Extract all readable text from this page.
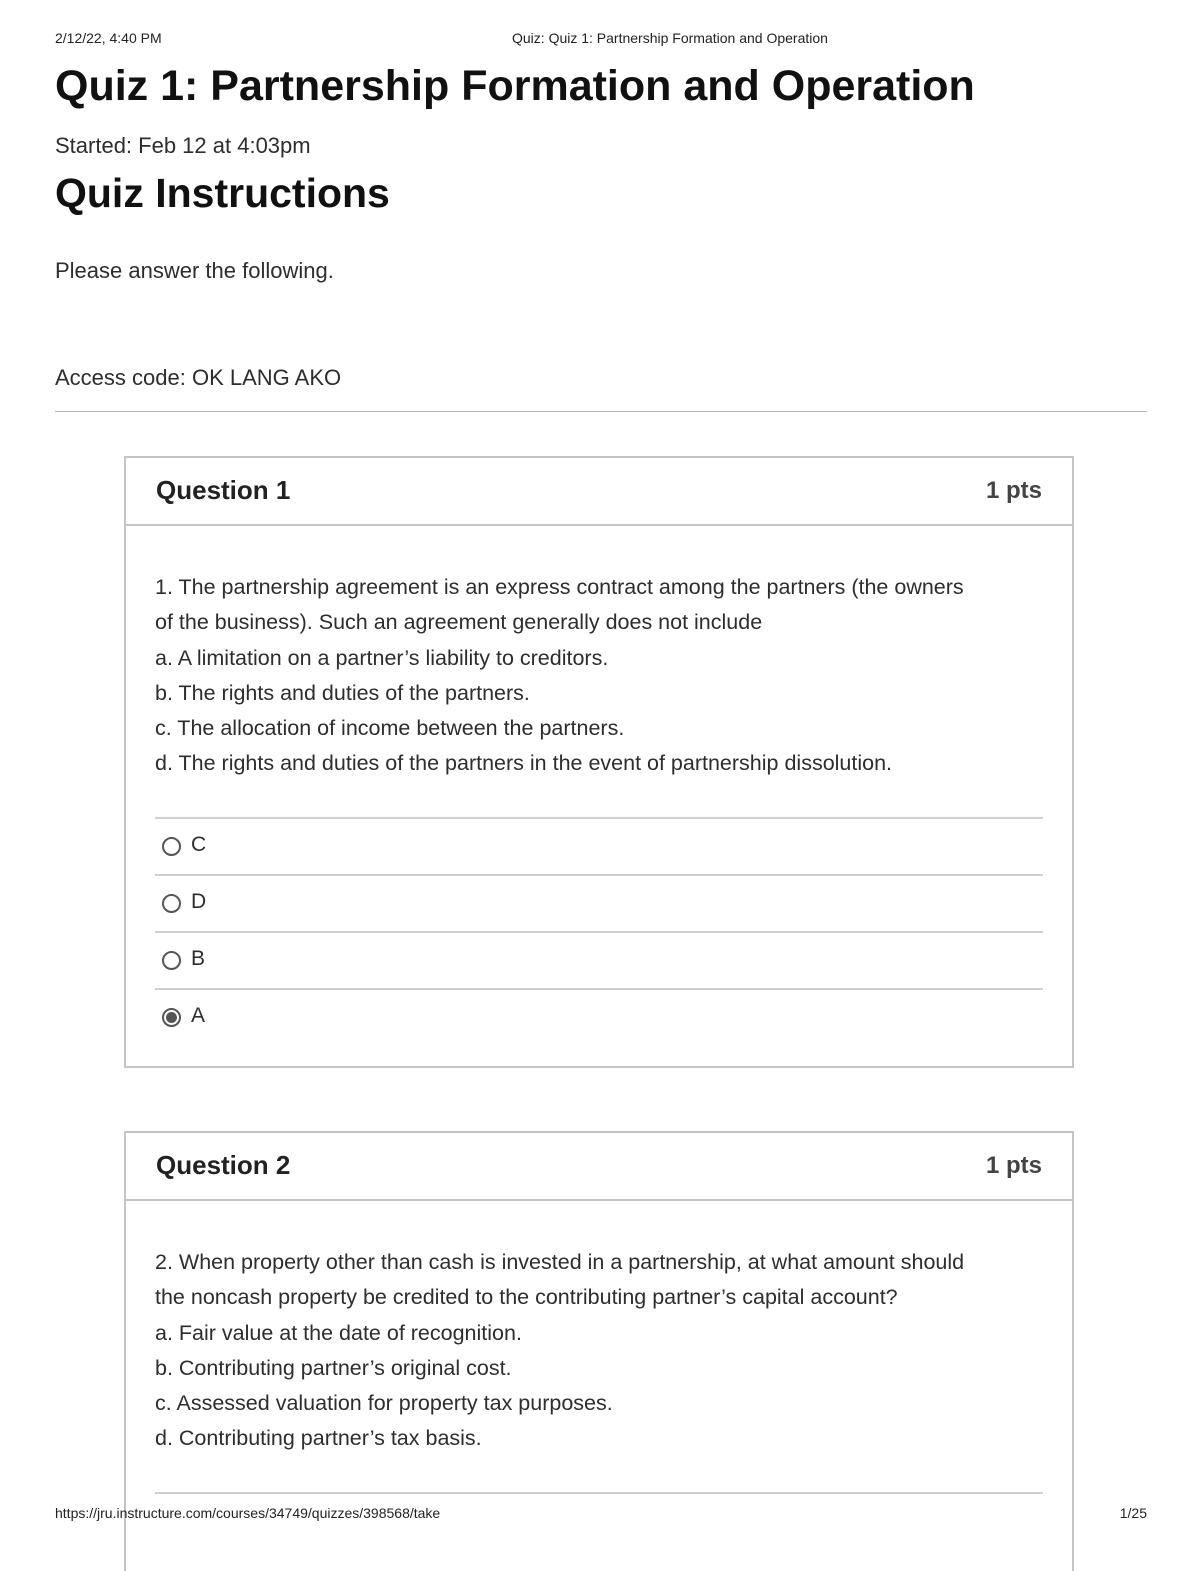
2/12/22, 4:40 PM	Quiz: Quiz 1: Partnership Formation and Operation
Quiz 1: Partnership Formation and Operation
Started: Feb 12 at 4:03pm
Quiz Instructions
Please answer the following.
Access code: OK LANG AKO
Question 1	1 pts
1. The partnership agreement is an express contract among the partners (the owners
of the business). Such an agreement generally does not include
a. A limitation on a partner’s liability to creditors.
b. The rights and duties of the partners.
c. The allocation of income between the partners.
d. The rights and duties of the partners in the event of partnership dissolution.
C
D
B
A
Question 2	1 pts
2. When property other than cash is invested in a partnership, at what amount should
the noncash property be credited to the contributing partner’s capital account?
a. Fair value at the date of recognition.
b. Contributing partner’s original cost.
c. Assessed valuation for property tax purposes.
d. Contributing partner’s tax basis.
https://jru.instructure.com/courses/34749/quizzes/398568/take	1/25
